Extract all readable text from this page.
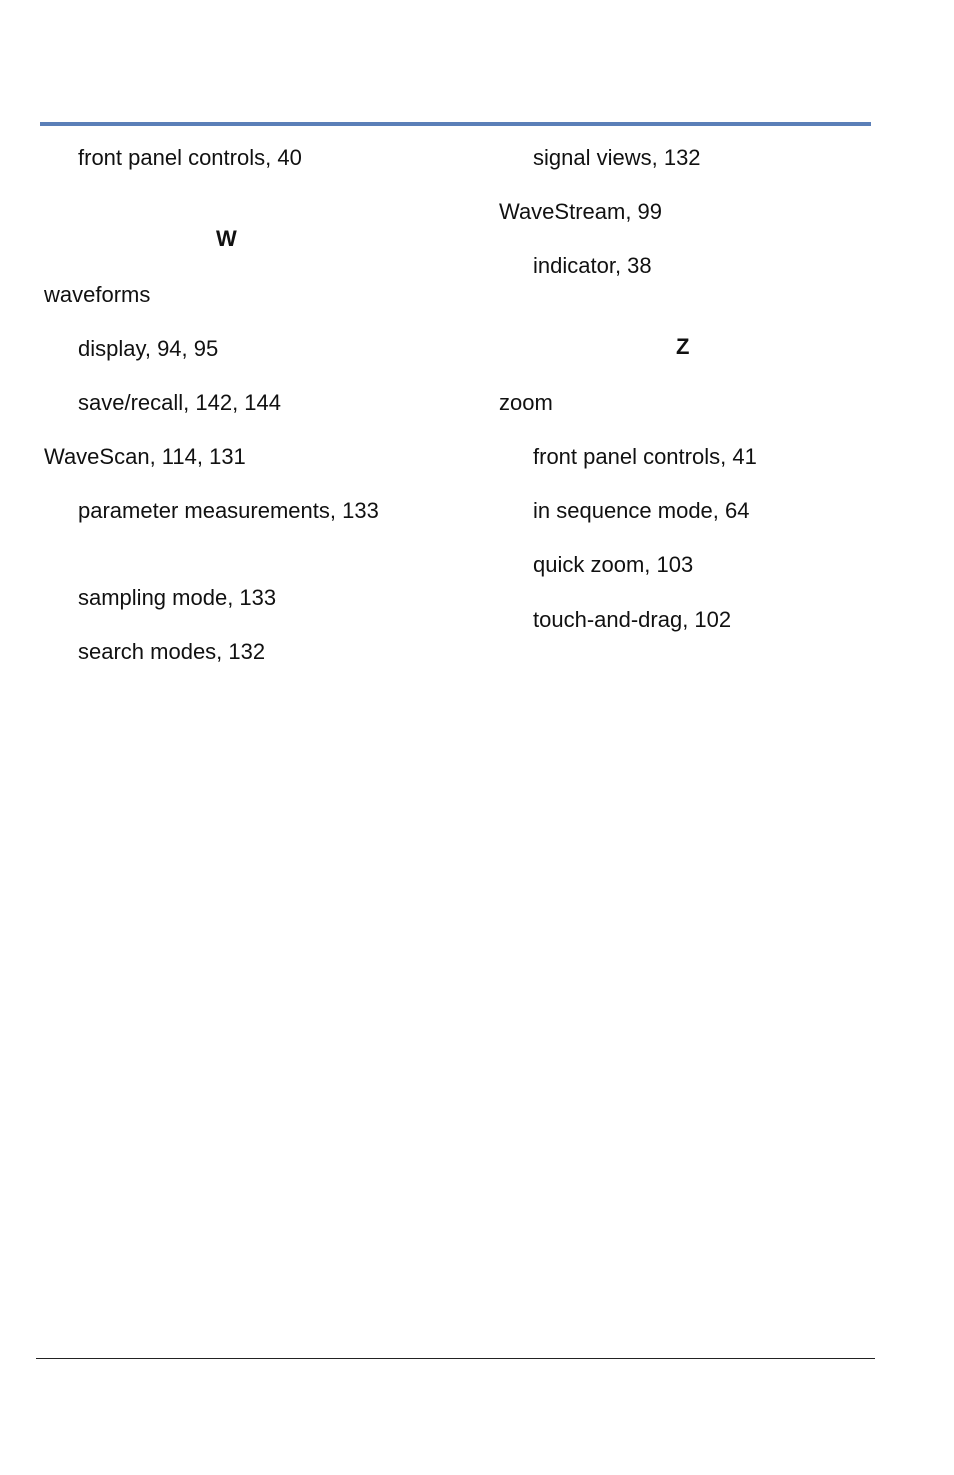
front panel controls, 40
W
waveforms
display, 94, 95
save/recall, 142, 144
WaveScan, 114, 131
parameter measurements, 133
sampling mode, 133
search modes, 132
signal views, 132
WaveStream, 99
indicator, 38
Z
zoom
front panel controls, 41
in sequence mode, 64
quick zoom, 103
touch-and-drag, 102
